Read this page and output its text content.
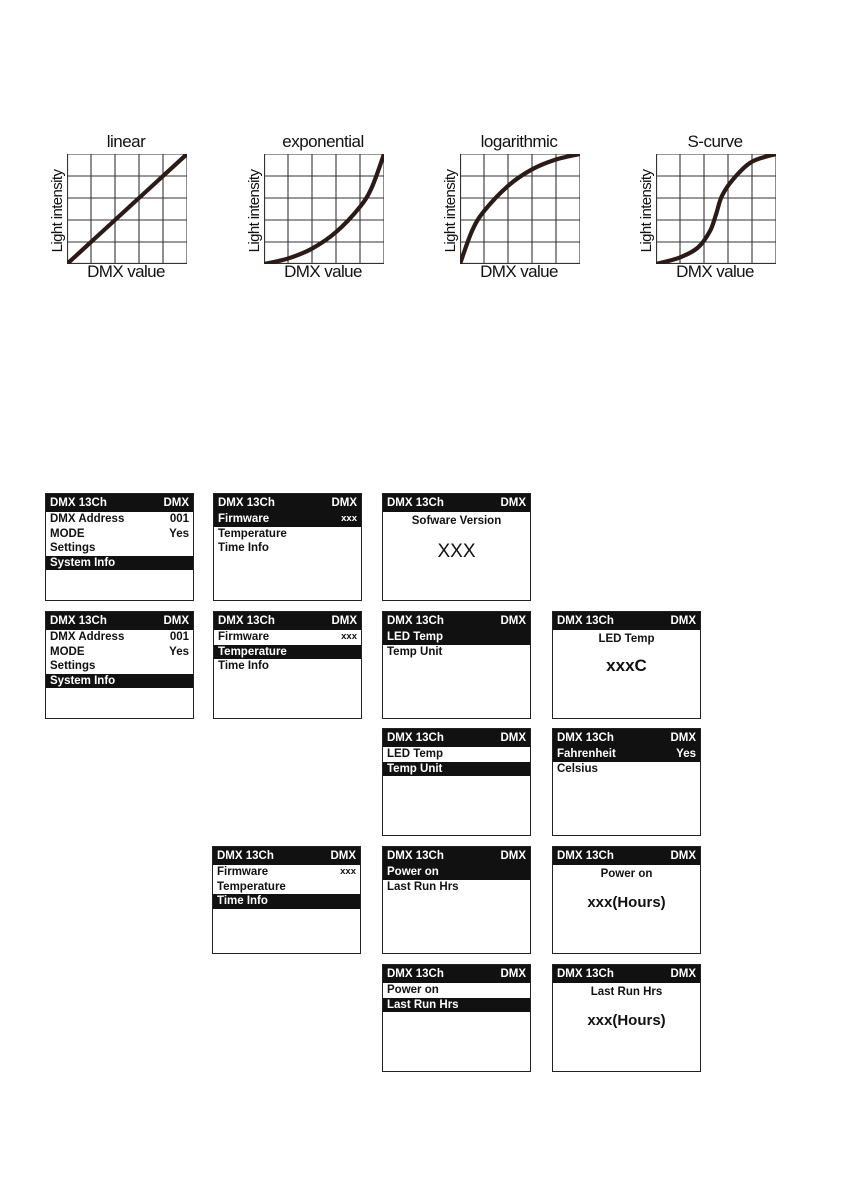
linear
Light intensity
DMX value
exponential
Light intensity
DMX value
logarithmic
Light intensity
DMX value
S-curve
Light intensity
DMX value
DMX 13Ch	DMX
DMX Address	001
MODE	Yes
Settings
System Info
DMX 13Ch	DMX
Firmware	xxx
Temperature
Time Info
DMX 13Ch	DMX
Sofware Version
XXX
DMX 13Ch	DMX
DMX Address	001
MODE	Yes
Settings
System Info
DMX 13Ch	DMX
Firmware	xxx
Temperature
Time Info
DMX 13Ch	DMX
LED Temp
Temp Unit
DMX 13Ch	DMX
LED Temp
xxxC
DMX 13Ch	DMX
LED Temp
Temp Unit
DMX 13Ch	DMX
Fahrenheit	Yes
Celsius
DMX 13Ch	DMX
Firmware	xxx
Temperature
Time Info
DMX 13Ch	DMX
Power on
Last Run Hrs
DMX 13Ch	DMX
Power on
xxx(Hours)
DMX 13Ch	DMX
Power on
Last Run Hrs
DMX 13Ch	DMX
Last Run Hrs
xxx(Hours)
